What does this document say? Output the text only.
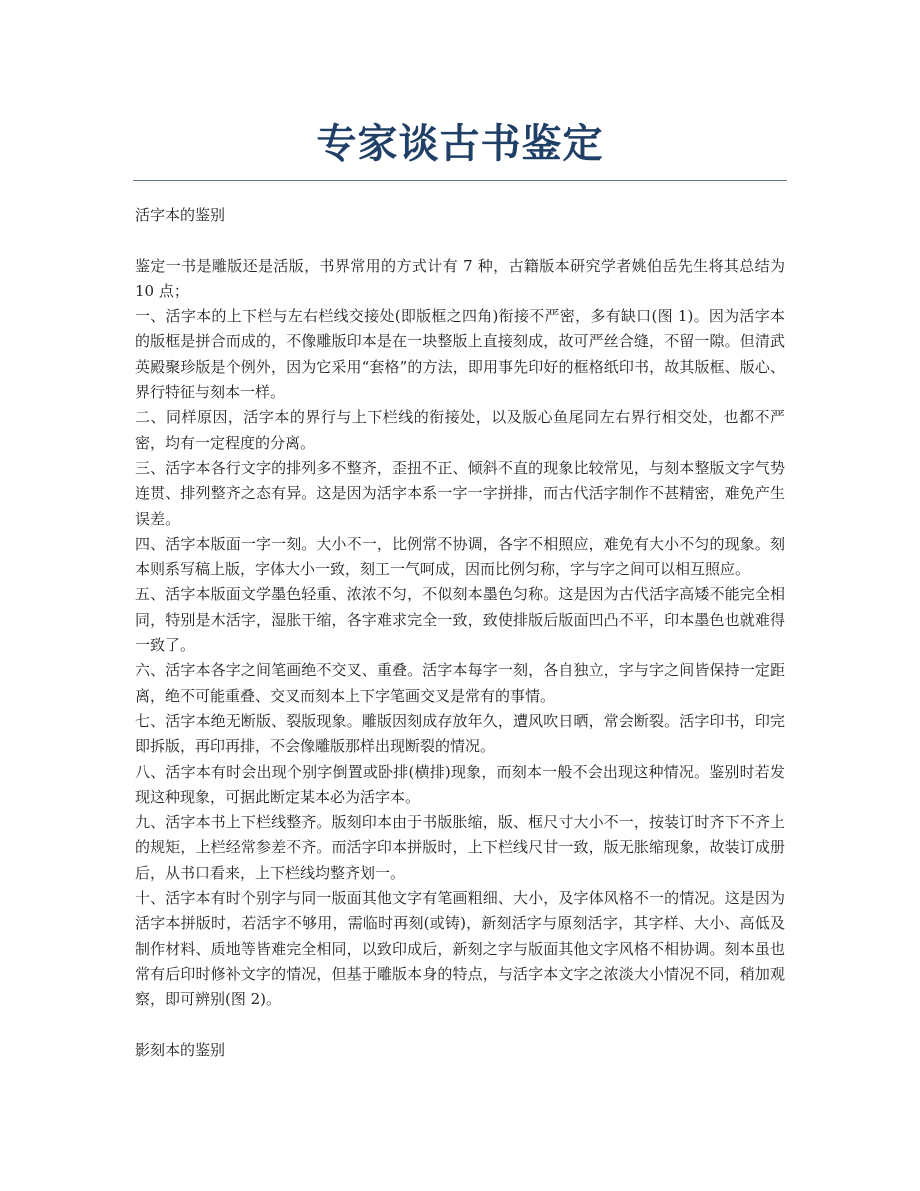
专家谈古书鉴定

活字本的鉴别

鉴定一书是雕版还是活版，书界常用的方式计有 7 种，古籍版本研究学者姚伯岳先生将其总结为 10 点；

一、活字本的上下栏与左右栏线交接处(即版框之四角)衔接不严密，多有缺口(图 1)。因为活字本的版框是拼合而成的，不像雕版印本是在一块整版上直接刻成，故可严丝合缝，不留一隙。但清武英殿聚珍版是个例外，因为它采用“套格”的方法，即用事先印好的框格纸印书，故其版框、版心、界行特征与刻本一样。

二、同样原因，活字本的界行与上下栏线的衔接处，以及版心鱼尾同左右界行相交处，也都不严密，均有一定程度的分离。

三、活字本各行文字的排列多不整齐，歪扭不正、倾斜不直的现象比较常见，与刻本整版文字气势连贯、排列整齐之态有异。这是因为活字本系一字一字拼排，而古代活字制作不甚精密，难免产生误差。

四、活字本版面一字一刻。大小不一，比例常不协调，各字不相照应，难免有大小不匀的现象。刻本则系写稿上版，字体大小一致，刻工一气呵成，因而比例匀称，字与字之间可以相互照应。

五、活字本版面文学墨色轻重、浓浓不匀，不似刻本墨色匀称。这是因为古代活字高矮不能完全相同，特别是木活字，湿胀干缩，各字难求完全一致，致使排版后版面凹凸不平，印本墨色也就难得一致了。

六、活字本各字之间笔画绝不交叉、重叠。活字本每字一刻，各自独立，字与字之间皆保持一定距离，绝不可能重叠、交叉而刻本上下字笔画交叉是常有的事情。

七、活字本绝无断版、裂版现象。雕版因刻成存放年久，遭风吹日晒，常会断裂。活字印书，印完即拆版，再印再排，不会像雕版那样出现断裂的情况。

八、活字本有时会出现个别字倒置或卧排(横排)现象，而刻本一般不会出现这种情况。鉴别时若发现这种现象，可据此断定某本必为活字本。

九、活字本书上下栏线整齐。版刻印本由于书版胀缩，版、框尺寸大小不一，按装订时齐下不齐上的规矩，上栏经常参差不齐。而活字印本拼版时，上下栏线尺甘一致，版无胀缩现象，故装订成册后，从书口看来，上下栏线均整齐划一。

十、活字本有时个别字与同一版面其他文字有笔画粗细、大小，及字体风格不一的情况。这是因为活字本拼版时，若活字不够用，需临时再刻(或铸)，新刻活字与原刻活字，其字样、大小、高低及制作材料、质地等皆难完全相同，以致印成后，新刻之字与版面其他文字风格不相协调。刻本虽也常有后印时修补文字的情况，但基于雕版本身的特点，与活字本文字之浓淡大小情况不同，稍加观察，即可辨别(图 2)。

影刻本的鉴别
